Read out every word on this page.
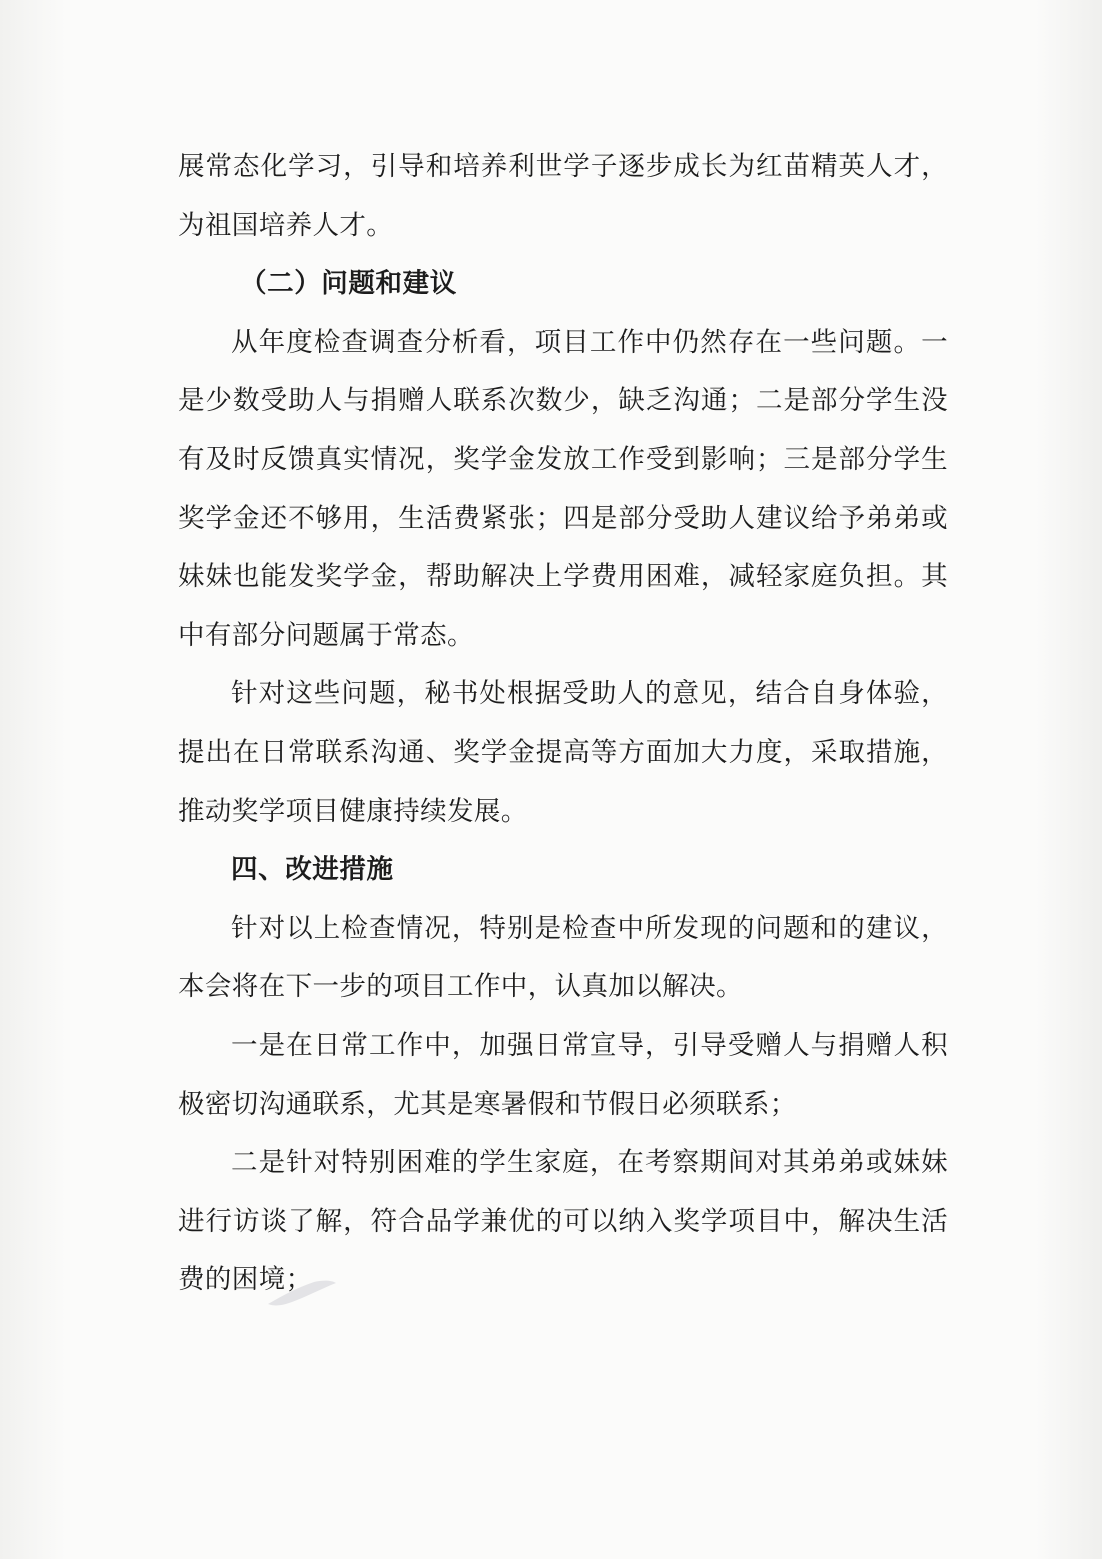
展常态化学习，引导和培养利世学子逐步成长为红苗精英人才，为祖国培养人才。

（二）问题和建议

从年度检查调查分析看，项目工作中仍然存在一些问题。一是少数受助人与捐赠人联系次数少，缺乏沟通；二是部分学生没有及时反馈真实情况，奖学金发放工作受到影响；三是部分学生奖学金还不够用，生活费紧张；四是部分受助人建议给予弟弟或妹妹也能发奖学金，帮助解决上学费用困难，减轻家庭负担。其中有部分问题属于常态。

针对这些问题，秘书处根据受助人的意见，结合自身体验，提出在日常联系沟通、奖学金提高等方面加大力度，采取措施，推动奖学项目健康持续发展。

四、改进措施

针对以上检查情况，特别是检查中所发现的问题和的建议，本会将在下一步的项目工作中，认真加以解决。

一是在日常工作中，加强日常宣导，引导受赠人与捐赠人积极密切沟通联系，尤其是寒暑假和节假日必须联系；

二是针对特别困难的学生家庭，在考察期间对其弟弟或妹妹进行访谈了解，符合品学兼优的可以纳入奖学项目中，解决生活费的困境；
